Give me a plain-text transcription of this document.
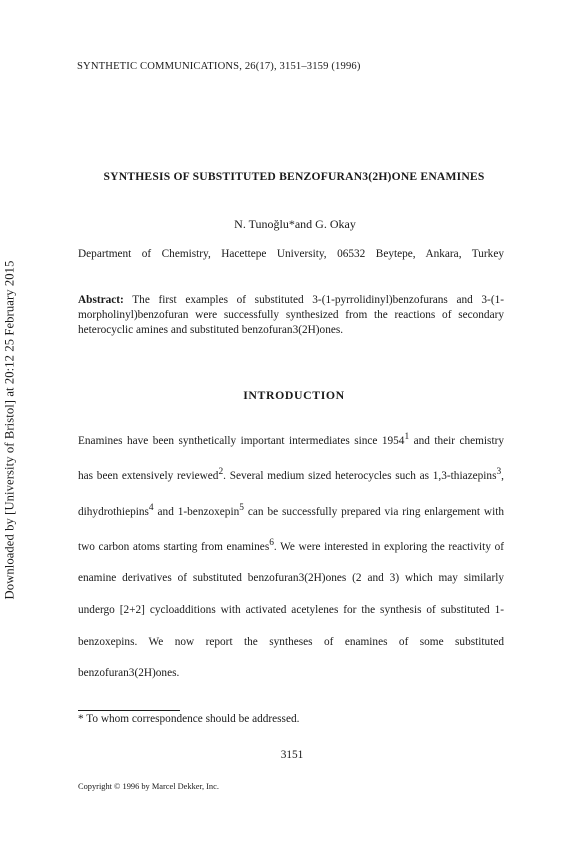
Downloaded by [University of Bristol] at 20:12 25 February 2015
SYNTHETIC COMMUNICATIONS, 26(17), 3151–3159 (1996)
SYNTHESIS OF SUBSTITUTED BENZOFURAN3(2H)ONE ENAMINES
N. Tunoğlu*and G. Okay
Department of Chemistry, Hacettepe University, 06532 Beytepe, Ankara, Turkey
Abstract: The first examples of substituted 3-(1-pyrrolidinyl)benzofurans and 3-(1-morpholinyl)benzofuran were successfully synthesized from the reactions of secondary heterocyclic amines and substituted benzofuran3(2H)ones.
INTRODUCTION
Enamines have been synthetically important intermediates since 1954$^1$ and their chemistry has been extensively reviewed$^2$. Several medium sized heterocycles such as 1,3-thiazepins$^3$, dihydrothiepins$^4$ and 1-benzoxepin$^5$ can be successfully prepared via ring enlargement with two carbon atoms starting from enamines$^6$. We were interested in exploring the reactivity of enamine derivatives of substituted benzofuran3(2H)ones (2 and 3) which may similarly undergo [2+2] cycloadditions with activated acetylenes for the synthesis of substituted 1-benzoxepins. We now report the syntheses of enamines of some substituted benzofuran3(2H)ones.
* To whom correspondence should be addressed.
3151
Copyright © 1996 by Marcel Dekker, Inc.
